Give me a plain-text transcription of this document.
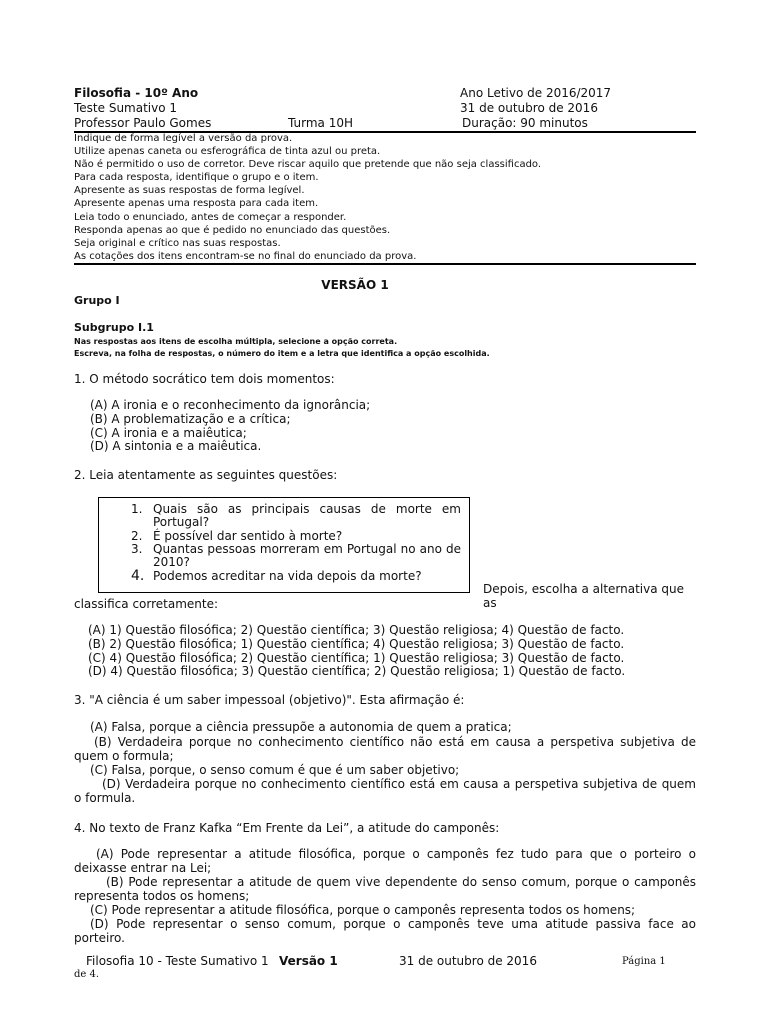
Filosofia - 10º Ano	Ano Letivo de 2016/2017
Teste Sumativo 1	31 de outubro de 2016
Professor Paulo Gomes	Turma 10H	Duração: 90 minutos
Indique de forma legível a versão da prova.
Utilize apenas caneta ou esferográfica de tinta azul ou preta.
Não é permitido o uso de corretor. Deve riscar aquilo que pretende que não seja classificado.
Para cada resposta, identifique o grupo e o item.
Apresente as suas respostas de forma legível.
Apresente apenas uma resposta para cada item.
Leia todo o enunciado, antes de começar a responder.
Responda apenas ao que é pedido no enunciado das questões.
Seja original e crítico nas suas respostas.
As cotações dos itens encontram-se no final do enunciado da prova.
VERSÃO 1
Grupo I
Subgrupo I.1
Nas respostas aos itens de escolha múltipla, selecione a opção correta.
Escreva, na folha de respostas, o número do item e a letra que identifica a opção escolhida.
1. O método socrático tem dois momentos:
(A) A ironia e o reconhecimento da ignorância;
(B) A problematização e a crítica;
(C) A ironia e a maiêutica;
(D) A sintonia e a maiêutica.
2. Leia atentamente as seguintes questões:
1. Quais são as principais causas de morte em Portugal?
2. É possível dar sentido à morte?
3. Quantas pessoas morreram em Portugal no ano de 2010?
4. Podemos acreditar na vida depois da morte?
Depois, escolha a alternativa que as
classifica corretamente:
(A) 1) Questão filosófica; 2) Questão científica; 3) Questão religiosa; 4) Questão de facto.
(B) 2) Questão filosófica; 1) Questão científica; 4) Questão religiosa; 3) Questão de facto.
(C) 4) Questão filosófica; 2) Questão científica; 1) Questão religiosa; 3) Questão de facto.
(D) 4) Questão filosófica; 3) Questão científica; 2) Questão religiosa; 1) Questão de facto.
3. "A ciência é um saber impessoal (objetivo)". Esta afirmação é:
(A) Falsa, porque a ciência pressupõe a autonomia de quem a pratica;
(B) Verdadeira porque no conhecimento científico não está em causa a perspetiva subjetiva de quem o formula;
(C) Falsa, porque, o senso comum é que é um saber objetivo;
(D) Verdadeira porque no conhecimento científico está em causa a perspetiva subjetiva de quem o formula.
4. No texto de Franz Kafka “Em Frente da Lei”, a atitude do camponês:
(A) Pode representar a atitude filosófica, porque o camponês fez tudo para que o porteiro o deixasse entrar na Lei;
(B) Pode representar a atitude de quem vive dependente do senso comum, porque o camponês representa todos os homens;
(C) Pode representar a atitude filosófica, porque o camponês representa todos os homens;
(D) Pode representar o senso comum, porque o camponês teve uma atitude passiva face ao porteiro.
Filosofia 10 - Teste Sumativo 1 Versão 1	31 de outubro de 2016	Página 1
de 4.
